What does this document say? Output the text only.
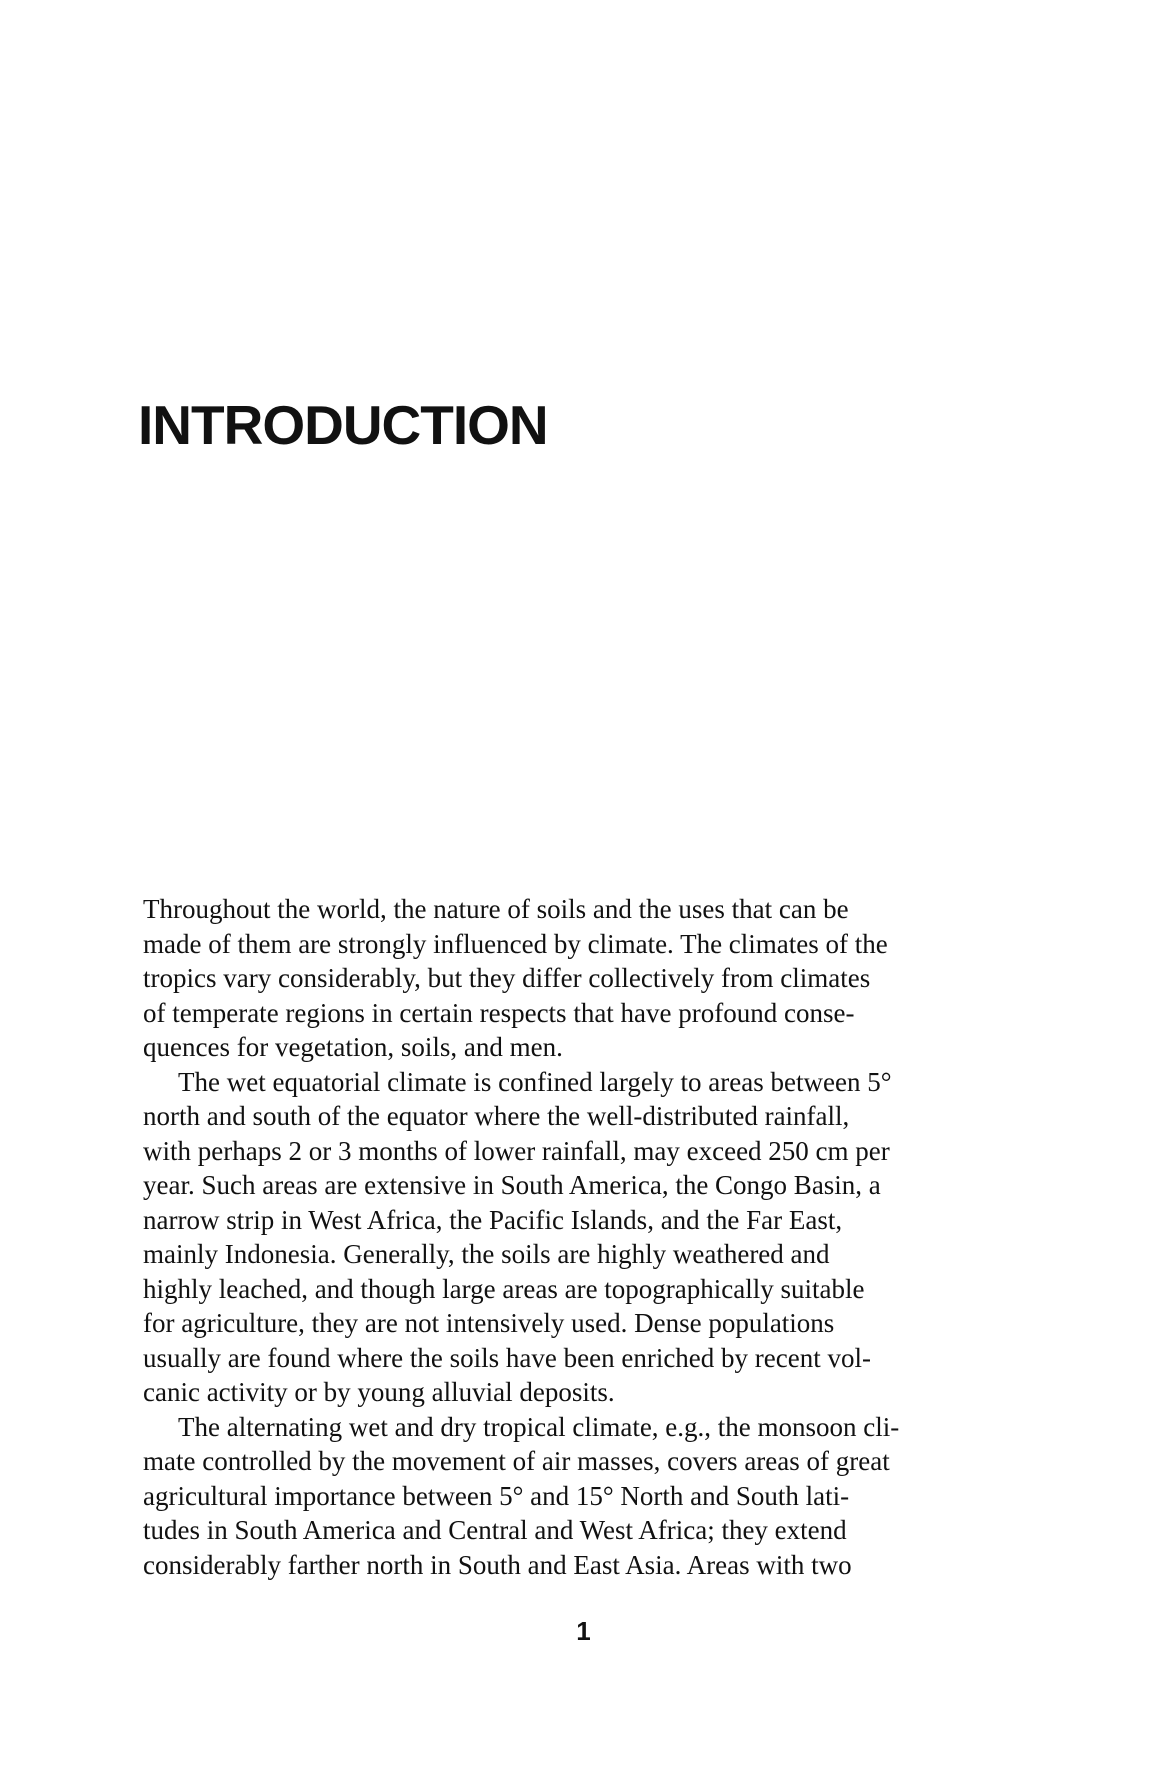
INTRODUCTION

Throughout the world, the nature of soils and the uses that can be
made of them are strongly influenced by climate. The climates of the
tropics vary considerably, but they differ collectively from climates
of temperate regions in certain respects that have profound conse-
quences for vegetation, soils, and men.

The wet equatorial climate is confined largely to areas between 5°
north and south of the equator where the well-distributed rainfall,
with perhaps 2 or 3 months of lower rainfall, may exceed 250 cm per
year. Such areas are extensive in South America, the Congo Basin, a
narrow strip in West Africa, the Pacific Islands, and the Far East,
mainly Indonesia. Generally, the soils are highly weathered and
highly leached, and though large areas are topographically suitable
for agriculture, they are not intensively used. Dense populations
usually are found where the soils have been enriched by recent vol-
canic activity or by young alluvial deposits.

The alternating wet and dry tropical climate, e.g., the monsoon cli-
mate controlled by the movement of air masses, covers areas of great
agricultural importance between 5° and 15° North and South lati-
tudes in South America and Central and West Africa; they extend
considerably farther north in South and East Asia. Areas with two

1
